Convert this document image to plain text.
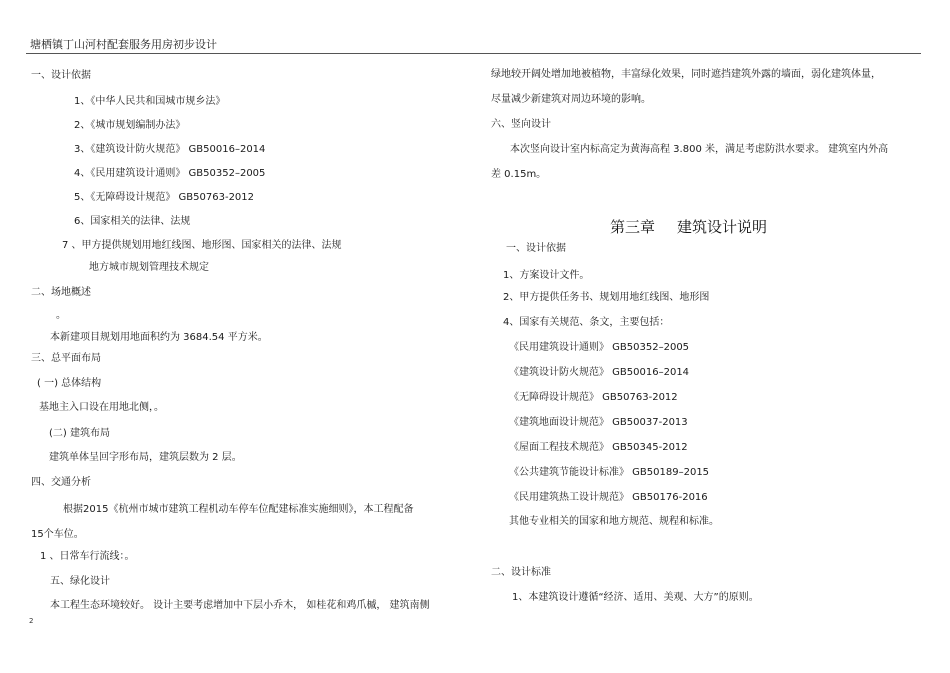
塘栖镇丁山河村配套服务用房初步设计
一、设计依据
1、《中华人民共和国城市规乡法》
2、《城市规划编制办法》
3、《建筑设计防火规范》 GB50016–2014
4、《民用建筑设计通则》 GB50352–2005
5、《无障碍设计规范》 GB50763-2012
6、国家相关的法律、法规
7 、甲方提供规划用地红线图、地形图、国家相关的法律、法规
地方城市规划管理技术规定
二、场地概述
。
本新建项目规划用地面积约为 3684.54 平方米。
三、总平面布局
( 一) 总体结构
基地主入口设在用地北侧，。
(二) 建筑布局
建筑单体呈回字形布局，建筑层数为 2 层。
四、交通分析
根据2015《杭州市城市建筑工程机动车停车位配建标准实施细则》，本工程配备
15个车位。
1 、日常车行流线：。
五、绿化设计
本工程生态环境较好。 设计主要考虑增加中下层小乔木， 如桂花和鸡爪槭， 建筑南侧
绿地较开阔处增加地被植物，丰富绿化效果，同时遮挡建筑外露的墙面，弱化建筑体量，
尽量减少新建筑对周边环境的影响。
六、竖向设计
本次竖向设计室内标高定为黄海高程 3.800 米，满足考虑防洪水要求。 建筑室内外高
差 0.15m。
第三章 建筑设计说明
一、设计依据
1、方案设计文件。
2、甲方提供任务书、规划用地红线图、地形图
4、国家有关规范、条文，主要包括：
《民用建筑设计通则》 GB50352–2005
《建筑设计防火规范》 GB50016–2014
《无障碍设计规范》 GB50763-2012
《建筑地面设计规范》 GB50037-2013
《屋面工程技术规范》 GB50345-2012
《公共建筑节能设计标准》 GB50189–2015
《民用建筑热工设计规范》 GB50176-2016
其他专业相关的国家和地方规范、规程和标准。
二、设计标准
1、本建筑设计遵循“经济、适用、美观、大方”的原则。
2
